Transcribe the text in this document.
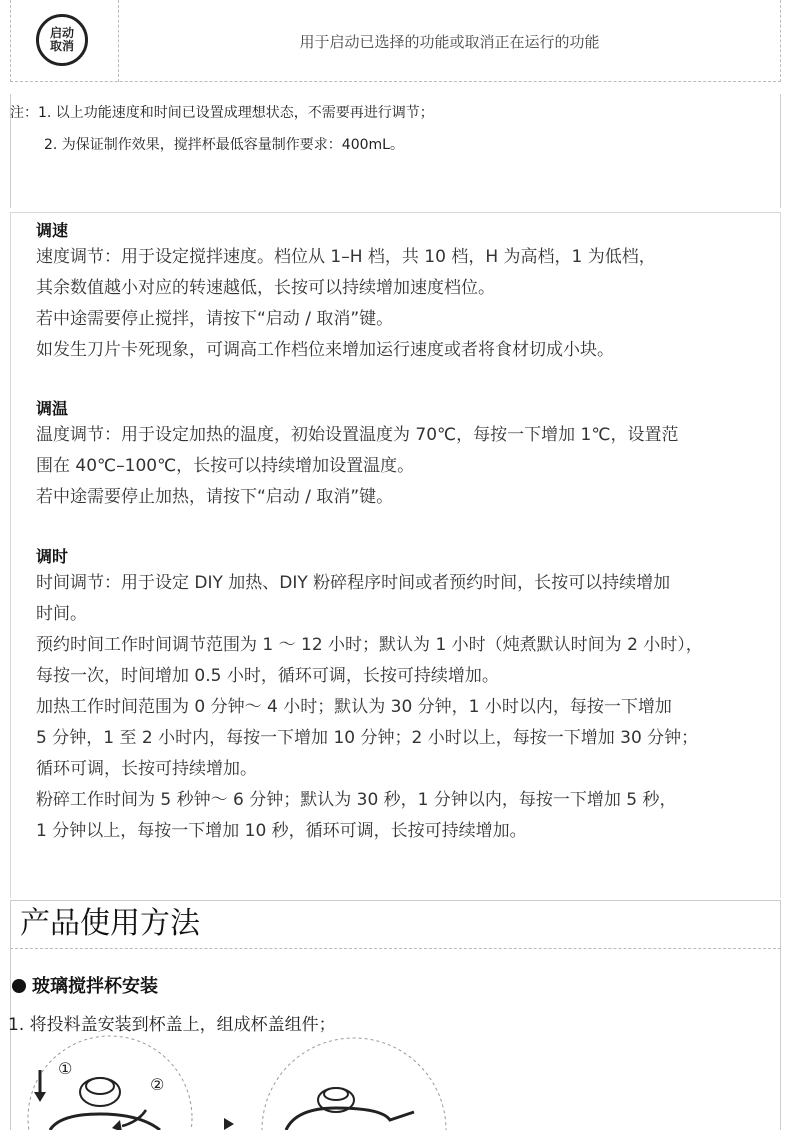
启动
取消	用于启动已选择的功能或取消正在运行的功能
注：1. 以上功能速度和时间已设置成理想状态，不需要再进行调节；
2. 为保证制作效果，搅拌杯最低容量制作要求：400mL。
调速
速度调节：用于设定搅拌速度。档位从 1–H 档，共 10 档，H 为高档，1 为低档，
其余数值越小对应的转速越低，长按可以持续增加速度档位。
若中途需要停止搅拌，请按下“启动 / 取消”键。
如发生刀片卡死现象，可调高工作档位来增加运行速度或者将食材切成小块。
调温
温度调节：用于设定加热的温度，初始设置温度为 70℃，每按一下增加 1℃，设置范
围在 40℃–100℃，长按可以持续增加设置温度。
若中途需要停止加热，请按下“启动 / 取消”键。
调时
时间调节：用于设定 DIY 加热、DIY 粉碎程序时间或者预约时间，长按可以持续增加
时间。
预约时间工作时间调节范围为 1 ～ 12 小时；默认为 1 小时（炖煮默认时间为 2 小时），
每按一次，时间增加 0.5 小时，循环可调，长按可持续增加。
加热工作时间范围为 0 分钟～ 4 小时；默认为 30 分钟，1 小时以内，每按一下增加
5 分钟，1 至 2 小时内，每按一下增加 10 分钟；2 小时以上，每按一下增加 30 分钟；
循环可调，长按可持续增加。
粉碎工作时间为 5 秒钟～ 6 分钟；默认为 30 秒，1 分钟以内，每按一下增加 5 秒，
1 分钟以上，每按一下增加 10 秒，循环可调，长按可持续增加。
产品使用方法
玻璃搅拌杯安装
1. 将投料盖安装到杯盖上，组成杯盖组件；
①
②
